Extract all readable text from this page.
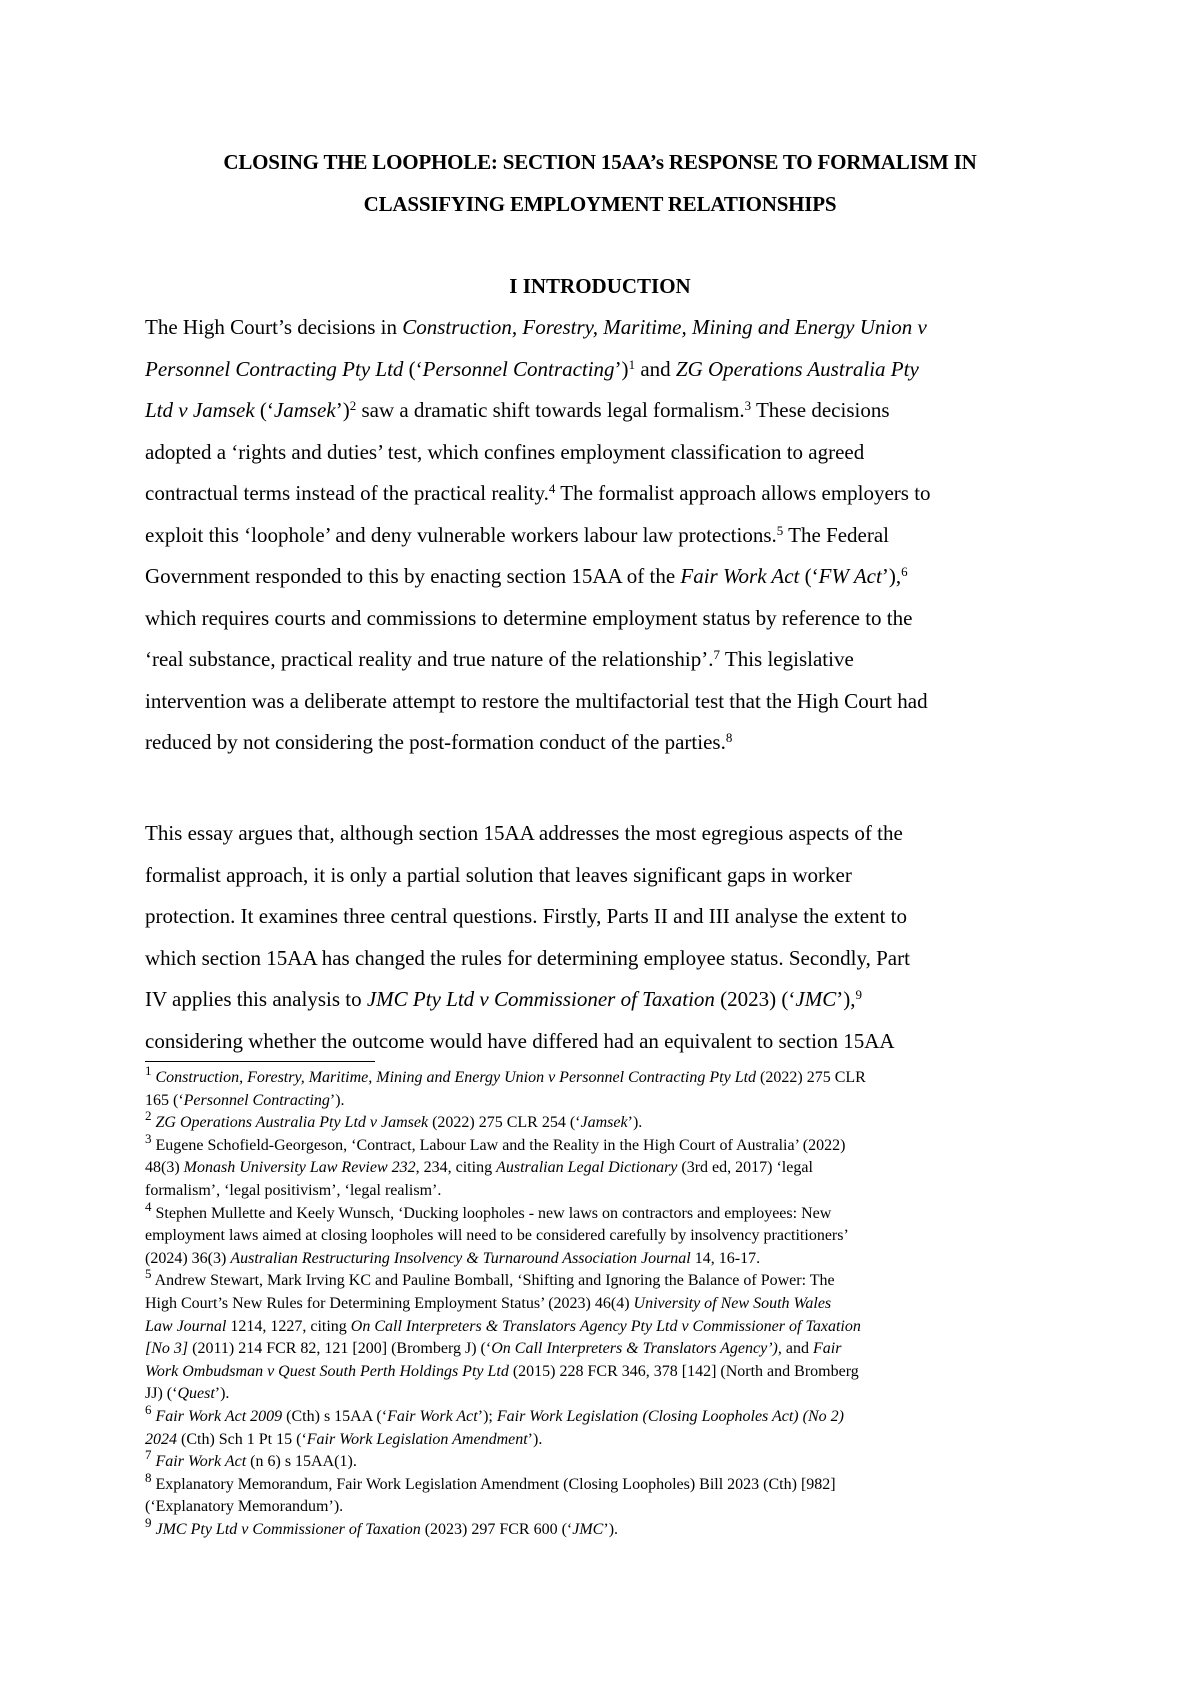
CLOSING THE LOOPHOLE: SECTION 15AA’s RESPONSE TO FORMALISM IN
CLASSIFYING EMPLOYMENT RELATIONSHIPS
I INTRODUCTION
The High Court’s decisions in Construction, Forestry, Maritime, Mining and Energy Union v
Personnel Contracting Pty Ltd (‘Personnel Contracting’)$^1$ and ZG Operations Australia Pty
Ltd v Jamsek (‘Jamsek’)$^2$ saw a dramatic shift towards legal formalism.$^3$ These decisions
adopted a ‘rights and duties’ test, which confines employment classification to agreed
contractual terms instead of the practical reality.$^4$ The formalist approach allows employers to
exploit this ‘loophole’ and deny vulnerable workers labour law protections.$^5$ The Federal
Government responded to this by enacting section 15AA of the Fair Work Act (‘FW Act’),$^6$
which requires courts and commissions to determine employment status by reference to the
‘real substance, practical reality and true nature of the relationship’.$^7$ This legislative
intervention was a deliberate attempt to restore the multifactorial test that the High Court had
reduced by not considering the post-formation conduct of the parties.$^8$
This essay argues that, although section 15AA addresses the most egregious aspects of the
formalist approach, it is only a partial solution that leaves significant gaps in worker
protection. It examines three central questions. Firstly, Parts II and III analyse the extent to
which section 15AA has changed the rules for determining employee status. Secondly, Part
IV applies this analysis to JMC Pty Ltd v Commissioner of Taxation (2023) (‘JMC’),$^9$
considering whether the outcome would have differed had an equivalent to section 15AA
$^1$ Construction, Forestry, Maritime, Mining and Energy Union v Personnel Contracting Pty Ltd (2022) 275 CLR
165 (‘Personnel Contracting’).
$^2$ ZG Operations Australia Pty Ltd v Jamsek (2022) 275 CLR 254 (‘Jamsek’).
$^3$ Eugene Schofield-Georgeson, ‘Contract, Labour Law and the Reality in the High Court of Australia’ (2022)
48(3) Monash University Law Review 232, 234, citing Australian Legal Dictionary (3rd ed, 2017) ‘legal
formalism’, ‘legal positivism’, ‘legal realism’.
$^4$ Stephen Mullette and Keely Wunsch, ‘Ducking loopholes - new laws on contractors and employees: New
employment laws aimed at closing loopholes will need to be considered carefully by insolvency practitioners’
(2024) 36(3) Australian Restructuring Insolvency & Turnaround Association Journal 14, 16-17.
$^5$ Andrew Stewart, Mark Irving KC and Pauline Bomball, ‘Shifting and Ignoring the Balance of Power: The
High Court’s New Rules for Determining Employment Status’ (2023) 46(4) University of New South Wales
Law Journal 1214, 1227, citing On Call Interpreters & Translators Agency Pty Ltd v Commissioner of Taxation
[No 3] (2011) 214 FCR 82, 121 [200] (Bromberg J) (‘On Call Interpreters & Translators Agency’), and Fair
Work Ombudsman v Quest South Perth Holdings Pty Ltd (2015) 228 FCR 346, 378 [142] (North and Bromberg
JJ) (‘Quest’).
$^6$ Fair Work Act 2009 (Cth) s 15AA (‘Fair Work Act’); Fair Work Legislation (Closing Loopholes Act) (No 2)
2024 (Cth) Sch 1 Pt 15 (‘Fair Work Legislation Amendment’).
$^7$ Fair Work Act (n 6) s 15AA(1).
$^8$ Explanatory Memorandum, Fair Work Legislation Amendment (Closing Loopholes) Bill 2023 (Cth) [982]
(‘Explanatory Memorandum’).
$^9$ JMC Pty Ltd v Commissioner of Taxation (2023) 297 FCR 600 (‘JMC’).
